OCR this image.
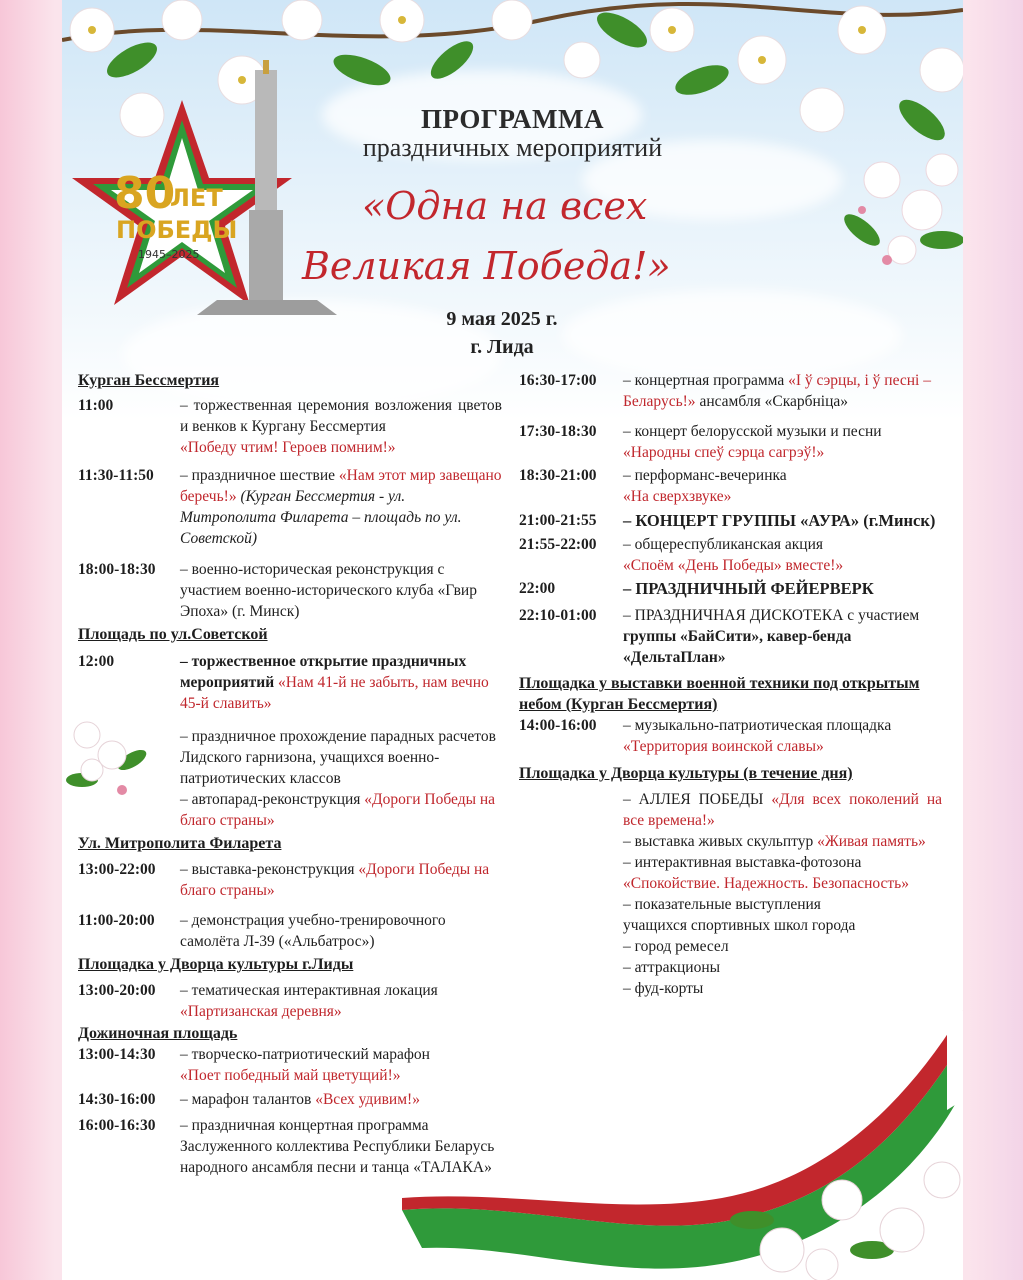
80
ЛЕТ
ПОБЕДЫ
1945–2025
ПРОГРАММА
праздничных мероприятий
«Одна на всех
Великая Победа!»
9 мая 2025 г.
г. Лида
Курган Бессмертия
11:00	– торжественная церемония возложения цветов и венков к Кургану Бессмертия
«Победу чтим! Героев помним!»
11:30-11:50 – праздничное шествие «Нам этот мир завещано беречь!» (Курган Бессмертия - ул. Митрополита Филарета – площадь по ул. Советской)
18:00-18:30 – военно-историческая реконструкция с участием военно-исторического клуба «Гвир Эпоха» (г. Минск)
Площадь по ул.Советской
12:00	– торжественное открытие праздничных мероприятий «Нам 41-й не забыть, нам вечно 45-й славить»
– праздничное прохождение парадных расчетов Лидского гарнизона, учащихся военно-патриотических классов
– автопарад-реконструкция «Дороги Победы на благо страны»
Ул. Митрополита Филарета
13:00-22:00 – выставка-реконструкция «Дороги Победы на благо страны»
11:00-20:00 – демонстрация учебно-тренировочного самолёта Л-39 («Альбатрос»)
Площадка у Дворца культуры г.Лиды
13:00-20:00 – тематическая интерактивная локация
«Партизанская деревня»
Дожиночная площадь
13:00-14:30 – творческо-патриотический марафон
«Поет победный май цветущий!»
14:30-16:00 – марафон талантов «Всех удивим!»
16:00-16:30 – праздничная концертная программа Заслуженного коллектива Республики Беларусь народного ансамбля песни и танца «ТАЛАКА»
16:30-17:00 – концертная программа «І ў сэрцы, і ў песні – Беларусь!» ансамбля «Скарбніца»
17:30-18:30 – концерт белорусской музыки и песни
«Народны спеў сэрца сагрэў!»
18:30-21:00 – перформанс-вечеринка
«На сверхзвуке»
21:00-21:55 – КОНЦЕРТ ГРУППЫ «АУРА» (г.Минск)
21:55-22:00 – общереспубликанская акция
«Споём «День Победы» вместе!»
22:00	– ПРАЗДНИЧНЫЙ ФЕЙЕРВЕРК
22:10-01:00 – ПРАЗДНИЧНАЯ ДИСКОТЕКА с участием группы «БайСити», кавер-бенда «ДельтаПлан»
Площадка у выставки военной техники под открытым небом (Курган Бессмертия)
14:00-16:00 – музыкально-патриотическая площадка
«Территория воинской славы»
Площадка у Дворца культуры (в течение дня)
– АЛЛЕЯ ПОБЕДЫ «Для всех поколений на все времена!»
– выставка живых скульптур «Живая память»
– интерактивная выставка-фотозона
«Спокойствие. Надежность. Безопасность»
– показательные выступления учащихся спортивных школ города
– город ремесел
– аттракционы
– фуд-корты
